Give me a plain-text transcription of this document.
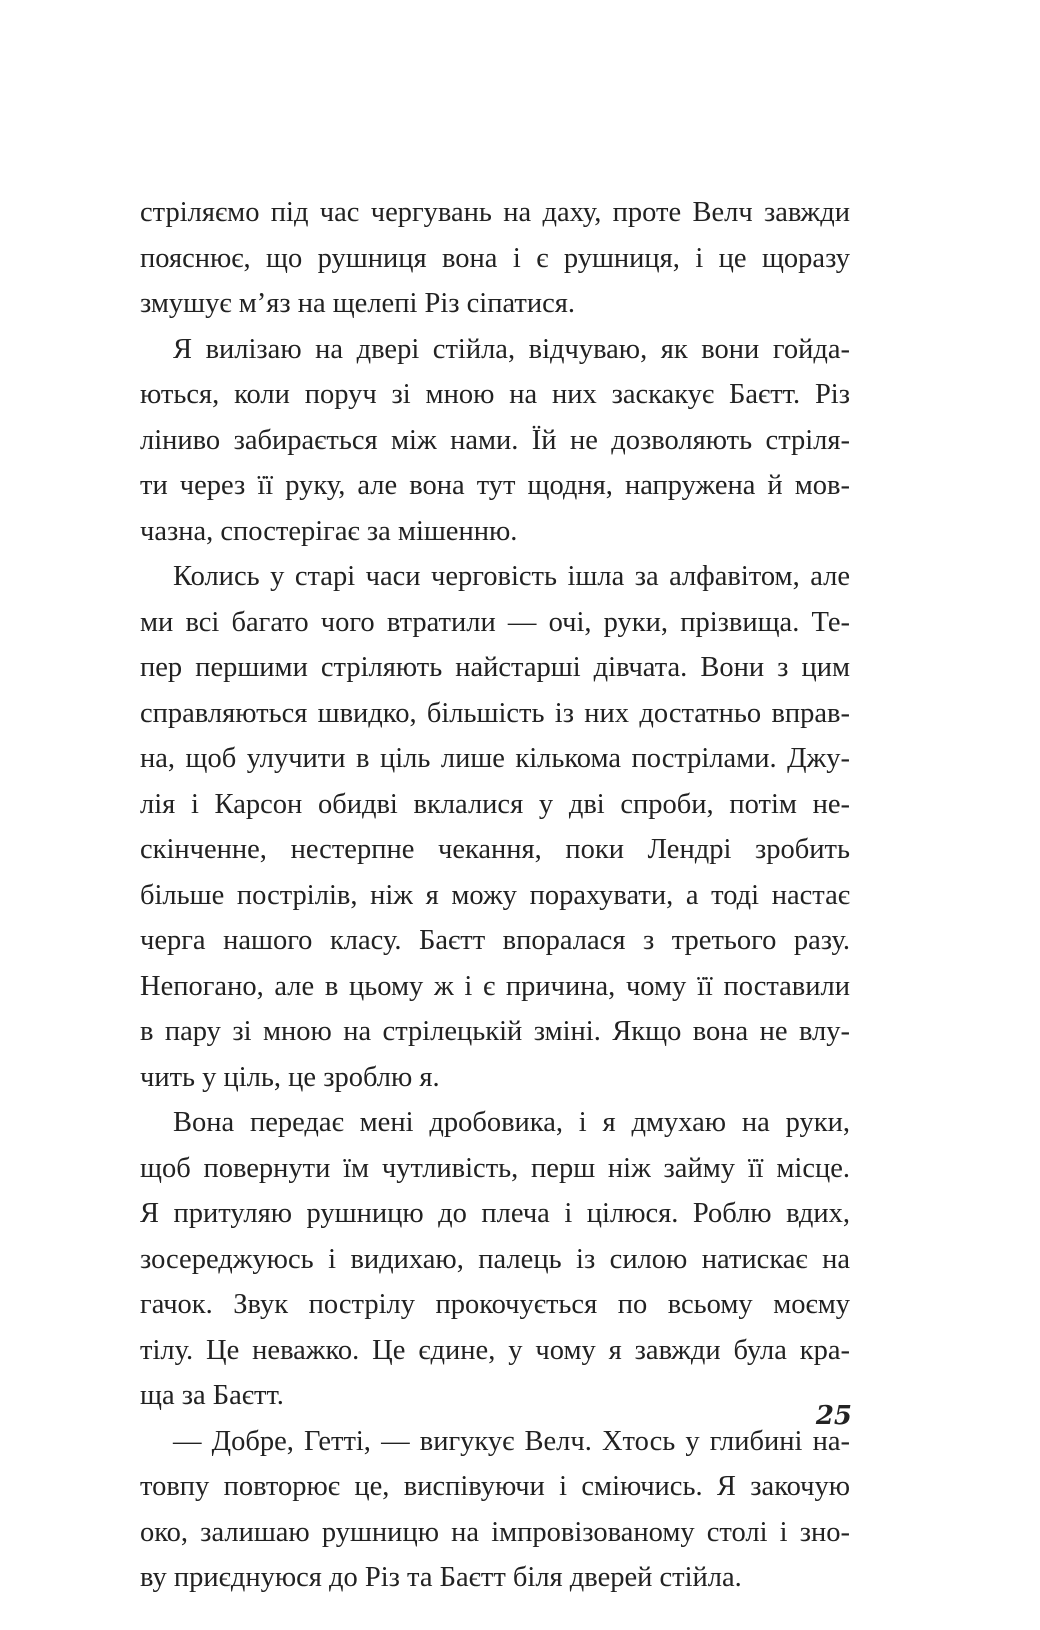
стріляємо під час чергувань на даху, проте Велч завжди
пояснює, що рушниця вона і є рушниця, і це щоразу
змушує м’яз на щелепі Різ сіпатися.
Я вилізаю на двері стійла, відчуваю, як вони гойда-
ються, коли поруч зі мною на них заскакує Баєтт. Різ
ліниво забирається між нами. Їй не дозволяють стріля-
ти через її руку, але вона тут щодня, напружена й мов-
чазна, спостерігає за мішенню.
Колись у старі часи черговість ішла за алфавітом, але
ми всі багато чого втратили — очі, руки, прізвища. Те-
пер першими стріляють найстарші дівчата. Вони з цим
справляються швидко, більшість із них достатньо вправ-
на, щоб улучити в ціль лише кількома пострілами. Джу-
лія і Карсон обидві вклалися у дві спроби, потім не-
скінченне, нестерпне чекання, поки Лендрі зробить
більше пострілів, ніж я можу порахувати, а тоді настає
черга нашого класу. Баєтт впоралася з третього разу.
Непогано, але в цьому ж і є причина, чому її поставили
в пару зі мною на стрілецькій зміні. Якщо вона не влу-
чить у ціль, це зроблю я.
Вона передає мені дробовика, і я дмухаю на руки,
щоб повернути їм чутливість, перш ніж займу її місце.
Я притуляю рушницю до плеча і цілюся. Роблю вдих,
зосереджуюсь і видихаю, палець із силою натискає на
гачок. Звук пострілу прокочується по всьому моєму
тілу. Це неважко. Це єдине, у чому я завжди була кра-
ща за Баєтт.
— Добре, Гетті, — вигукує Велч. Хтось у глибині на-
товпу повторює це, виспівуючи і сміючись. Я закочую
око, залишаю рушницю на імпровізованому столі і зно-
ву приєднуюся до Різ та Баєтт біля дверей стійла.
25
